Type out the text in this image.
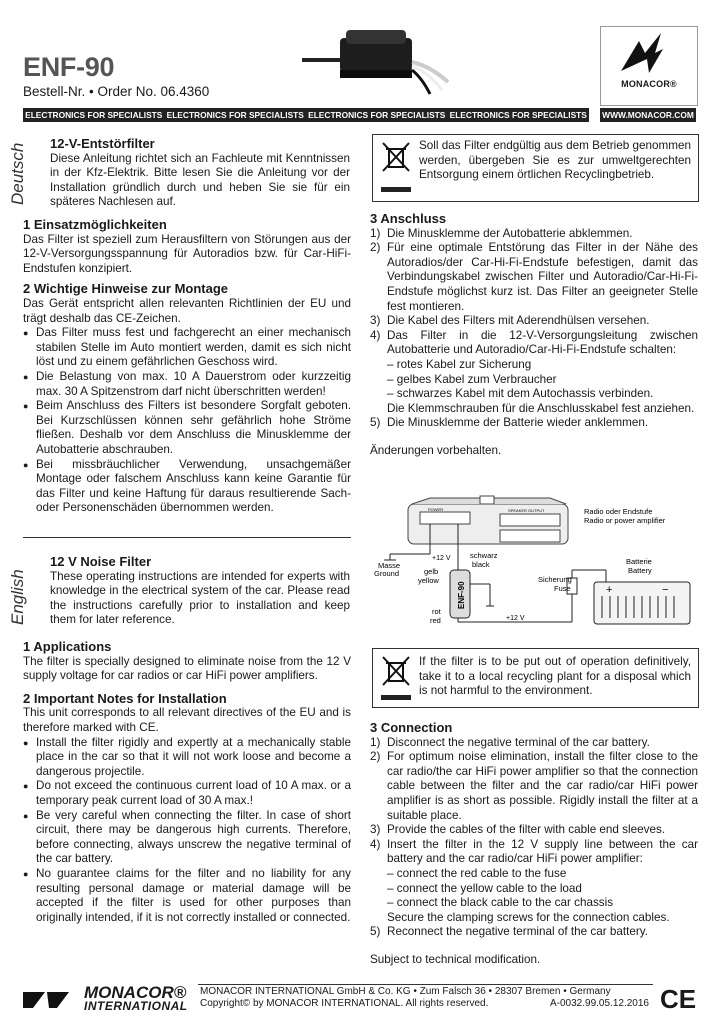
ENF-90
Bestell-Nr. • Order No. 06.4360	MONACOR®
ELECTRONICS FOR SPECIALISTS ELECTRONICS FOR SPECIALISTS ELECTRONICS FOR SPECIALISTS ELECTRONICS FOR SPECIALISTS WWW.MONACOR.COM
Deutsch 12-V-Entstörfilter

Diese Anleitung richtet sich an Fachleute mit Kenntnissen in der Kfz-Elektrik. Bitte lesen Sie die Anleitung vor der Installation gründlich durch und heben Sie sie für ein späteres Nachlesen auf.

1 Einsatzmöglichkeiten

Das Filter ist speziell zum Herausfiltern von Störungen aus der 12-V-Versorgungsspannung für Autoradios bzw. für Car-HiFi-Endstufen konzipiert.

2 Wichtige Hinweise zur Montage

Das Gerät entspricht allen relevanten Richtlinien der EU und trägt deshalb das CE-Zeichen.

● Das Filter muss fest und fachgerecht an einer mechanisch stabilen Stelle im Auto montiert werden, damit es sich nicht löst und zu einem gefährlichen Geschoss wird.
● Die Belastung von max. 10 A Dauerstrom oder kurzzeitig max. 30 A Spitzenstrom darf nicht überschritten werden!
● Beim Anschluss des Filters ist besondere Sorgfalt geboten. Bei Kurzschlüssen können sehr gefährlich hohe Ströme fließen. Deshalb vor dem Anschluss die Minusklemme der Autobatterie abschrauben.
● Bei missbräuchlicher Verwendung, unsachgemäßer Montage oder falschem Anschluss kann keine Garantie für das Filter und keine Haftung für daraus resultierende Sach- oder Personenschäden übernommen werden.

Soll das Filter endgültig aus dem Betrieb genommen werden, übergeben Sie es zur umweltgerechten Entsorgung einem örtlichen Recyclingbetrieb.

3 Anschluss
1) Die Minusklemme der Autobatterie abklemmen.
2) Für eine optimale Entstörung das Filter in der Nähe des Autoradios/der Car-Hi-Fi-Endstufe befestigen, damit das Verbindungskabel zwischen Filter und Autoradio/Car-Hi-Fi-Endstufe möglichst kurz ist. Das Filter an geeigneter Stelle fest montieren.
3) Die Kabel des Filters mit Aderendhülsen versehen.
4) Das Filter in die 12-V-Versorgungsleitung zwischen Autobatterie und Autoradio/Car-Hi-Fi-Endstufe schalten:
– rotes Kabel zur Sicherung
– gelbes Kabel zum Verbraucher
– schwarzes Kabel mit dem Autochassis verbinden.
Die Klemmschrauben für die Anschlusskabel fest anziehen.
5) Die Minusklemme der Batterie wieder anklemmen.

Änderungen vorbehalten.

POWER	SPEAKER OUTPUT	Radio oder Endstufe
Radio or power amplifier
Masse
Ground
+12 V	schwarz
black
gelb
yellow
ENF-90
rot
red	+12 V
Sicherung
Fuse	+	−
Batterie
Battery
English
12 V Noise Filter

These operating instructions are intended for experts with knowledge in the electrical system of the car. Please read the instructions carefully prior to installation and keep them for later reference.

1 Applications

The filter is specially designed to eliminate noise from the 12 V supply voltage for car radios or car HiFi power amplifiers.

2 Important Notes for Installation

This unit corresponds to all relevant directives of the EU and is therefore marked with CE.

● Install the filter rigidly and expertly at a mechanically stable place in the car so that it will not work loose and become a dangerous projectile.
● Do not exceed the continuous current load of 10 A max. or a temporary peak current load of 30 A max.!
● Be very careful when connecting the filter. In case of short circuit, there may be dangerous high currents. Therefore, before connecting, always unscrew the negative terminal of the car battery.
● No guarantee claims for the filter and no liability for any resulting personal damage or material damage will be accepted if the filter is used for other purposes than originally intended, if it is not correctly installed or connected.

If the filter is to be put out of operation definitively, take it to a local recycling plant for a disposal which is not harmful to the environment.

3 Connection
1) Disconnect the negative terminal of the car battery.
2) For optimum noise elimination, install the filter close to the car radio/the car HiFi power amplifier so that the connection cable between the filter and the car radio/car HiFi power amplifier is as short as possible. Rigidly install the filter at a suitable place.
3) Provide the cables of the filter with cable end sleeves.
4) Insert the filter in the 12 V supply line between the car battery and the car radio/car HiFi power amplifier:
– connect the red cable to the fuse
– connect the yellow cable to the load
– connect the black cable to the car chassis
Secure the clamping screws for the connection cables.
5) Reconnect the negative terminal of the car battery.

Subject to technical modification.

MONACOR®
INTERNATIONAL
MONACOR INTERNATIONAL GmbH & Co. KG • Zum Falsch 36 • 28307 Bremen • Germany
Copyright© by MONACOR INTERNATIONAL. All rights reserved.	A-0032.99.05.12.2016 CE
